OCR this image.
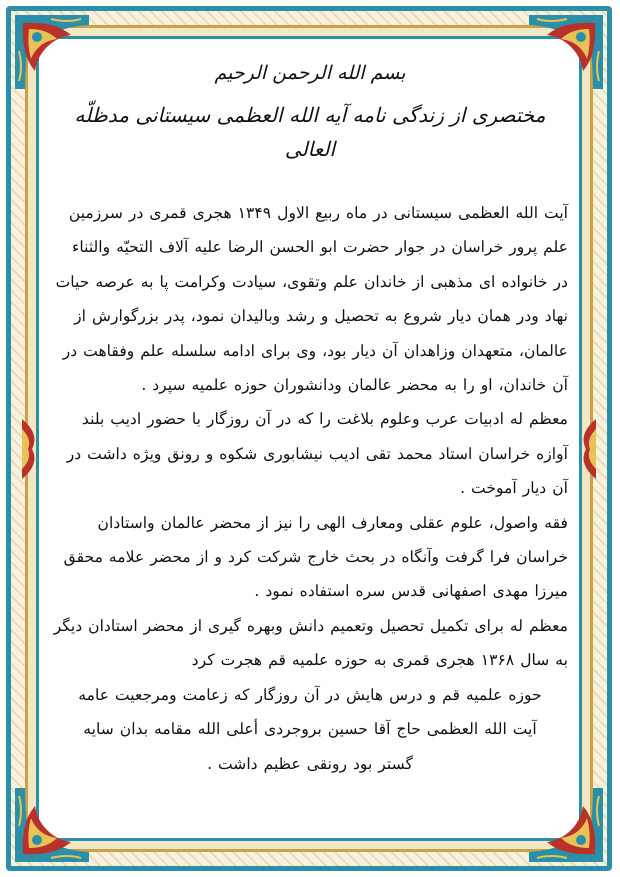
بسم الله الرحمن الرحیم
مختصری از زندگی نامه آیه الله العظمی سیستانی مدظلّه العالی

آیت الله العظمی سیستانی در ماه ربیع الاول ۱۳۴۹ هجری قمری در سرزمین علم پرور خراسان در جوار حضرت ابو الحسن الرضا علیه آلاف التحیّه والثناء در خانواده ای مذهبی از خاندان علم وتقوی، سیادت وکرامت پا به عرصه حیات نهاد ودر همان دیار شروع به تحصیل و رشد وبالیدان نمود، پدر بزرگوارش از عالمان، متعهدان وزاهدان آن دیار بود، وی برای ادامه سلسله علم وفقاهت در آن خاندان، او را به محضر عالمان ودانشوران حوزه علمیه سپرد .

معظم له ادبیات عرب وعلوم بلاغت را که در آن روزگار با حضور ادیب بلند آوازه خراسان استاد محمد تقی ادیب نیشابوری شکوه و رونق ویژه داشت در آن دیار آموخت .

فقه واصول، علوم عقلی ومعارف الهی را نیز از محضر عالمان واستادان خراسان فرا گرفت وآنگاه در بحث خارج شرکت کرد و از محضر علامه محقق میرزا مهدی اصفهانی قدس سره استفاده نمود .

معظم له برای تکمیل تحصیل وتعمیم دانش وبهره گیری از محضر استادان دیگر به سال ۱۳۶۸ هجری قمری به حوزه علمیه قم هجرت کرد

حوزه علمیه قم و درس هایش در آن روزگار که زعامت ومرجعیت عامه

آیت الله العظمی حاج آقا حسین بروجردی أعلی الله مقامه بدان سایه

گستر بود رونقی عظیم داشت .
